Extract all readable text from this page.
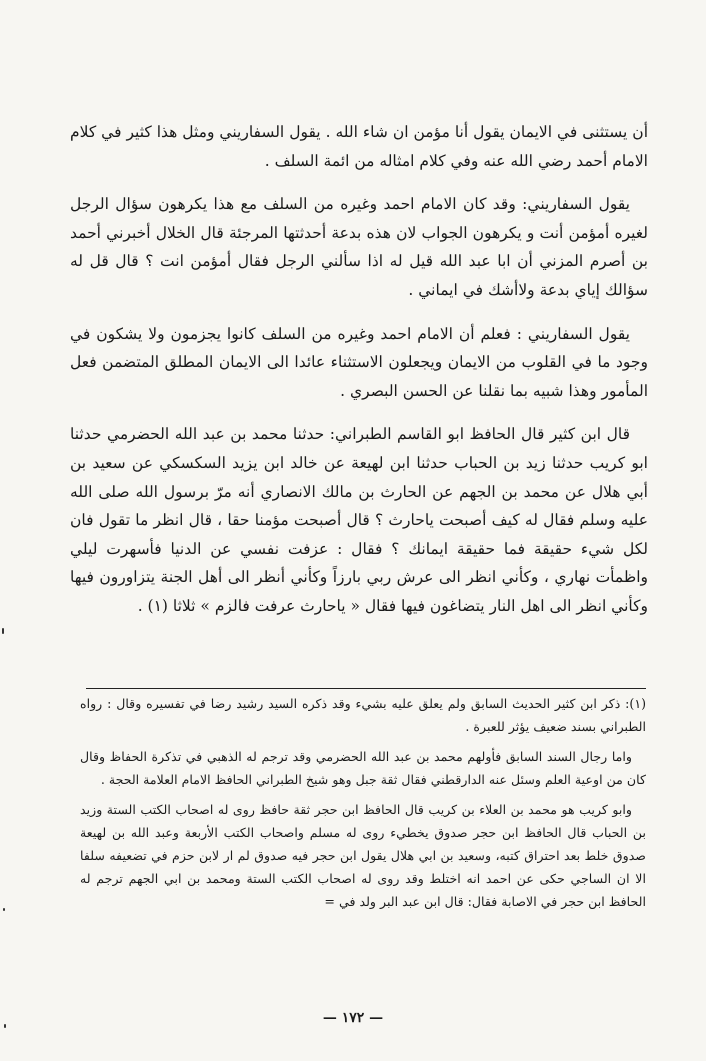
أن يستثنى في الايمان يقول أنا مؤمن ان شاء الله . يقول السفاريني ومثل هذا كثير في كلام الامام أحمد رضي الله عنه وفي كلام امثاله من ائمة السلف .

يقول السفاريني: وقد كان الامام احمد وغيره من السلف مع هذا يكرهون سؤال الرجل لغيره أمؤمن أنت و يكرهون الجواب لان هذه بدعة أحدثتها المرجئة قال الخلال أخبرني أحمد بن أصرم المزني أن ابا عبد الله قيل له اذا سألني الرجل فقال أمؤمن انت ؟ قال قل له سؤالك إياي بدعة ولاأشك في ايماني .

يقول السفاريني : فعلم أن الامام احمد وغيره من السلف كانوا يجزمون ولا يشكون في وجود ما في القلوب من الايمان ويجعلون الاستثناء عائدا الى الايمان المطلق المتضمن فعل المأمور وهذا شبيه بما نقلنا عن الحسن البصري .

قال ابن كثير قال الحافظ ابو القاسم الطبراني: حدثنا محمد بن عبد الله الحضرمي حدثنا ابو كريب حدثنا زيد بن الحباب حدثنا ابن لهيعة عن خالد ابن يزيد السكسكي عن سعيد بن أبي هلال عن محمد بن الجهم عن الحارث بن مالك الانصاري أنه مرّ برسول الله صلى الله عليه وسلم فقال له كيف أصبحت ياحارث ؟ قال أصبحت مؤمنا حقا ، قال انظر ما تقول فان لكل شيء حقيقة فما حقيقة ايمانك ؟ فقال : عزفت نفسي عن الدنيا فأسهرت ليلي واظمأت نهاري ، وكأني انظر الى عرش ربي بارزاً وكأني أنظر الى أهل الجنة يتزاورون فيها وكأني انظر الى اهل النار يتضاغون فيها فقال « ياحارث عرفت فالزم » ثلاثا (١) .

(١): ذكر ابن كثير الحديث السابق ولم يعلق عليه بشيء وقد ذكره السيد رشيد رضا في تفسيره وقال : رواه الطبراني بسند ضعيف يؤثر للعبرة .

واما رجال السند السابق فأولهم محمد بن عبد الله الحضرمي وقد ترجم له الذهبي في تذكرة الحفاظ وقال كان من اوعية العلم وسئل عنه الدارقطني فقال ثقة جبل وهو شيخ الطبراني الحافظ الامام العلامة الحجة .

وابو كريب هو محمد بن العلاء بن كريب قال الحافظ ابن حجر ثقة حافظ روى له اصحاب الكتب الستة وزيد بن الحباب قال الحافظ ابن حجر صدوق يخطيء روى له مسلم واصحاب الكتب الأربعة وعبد الله بن لهيعة صدوق خلط بعد احتراق كتبه، وسعيد بن ابي هلال يقول ابن حجر فيه صدوق لم ار لابن حزم في تضعيفه سلفا الا ان الساجي حكى عن احمد انه اختلط وقد روى له اصحاب الكتب الستة ومحمد بن ابي الجهم ترجم له الحافظ ابن حجر في الاصابة فقال: قال ابن عبد البر ولد في =

— ١٧٢ —
